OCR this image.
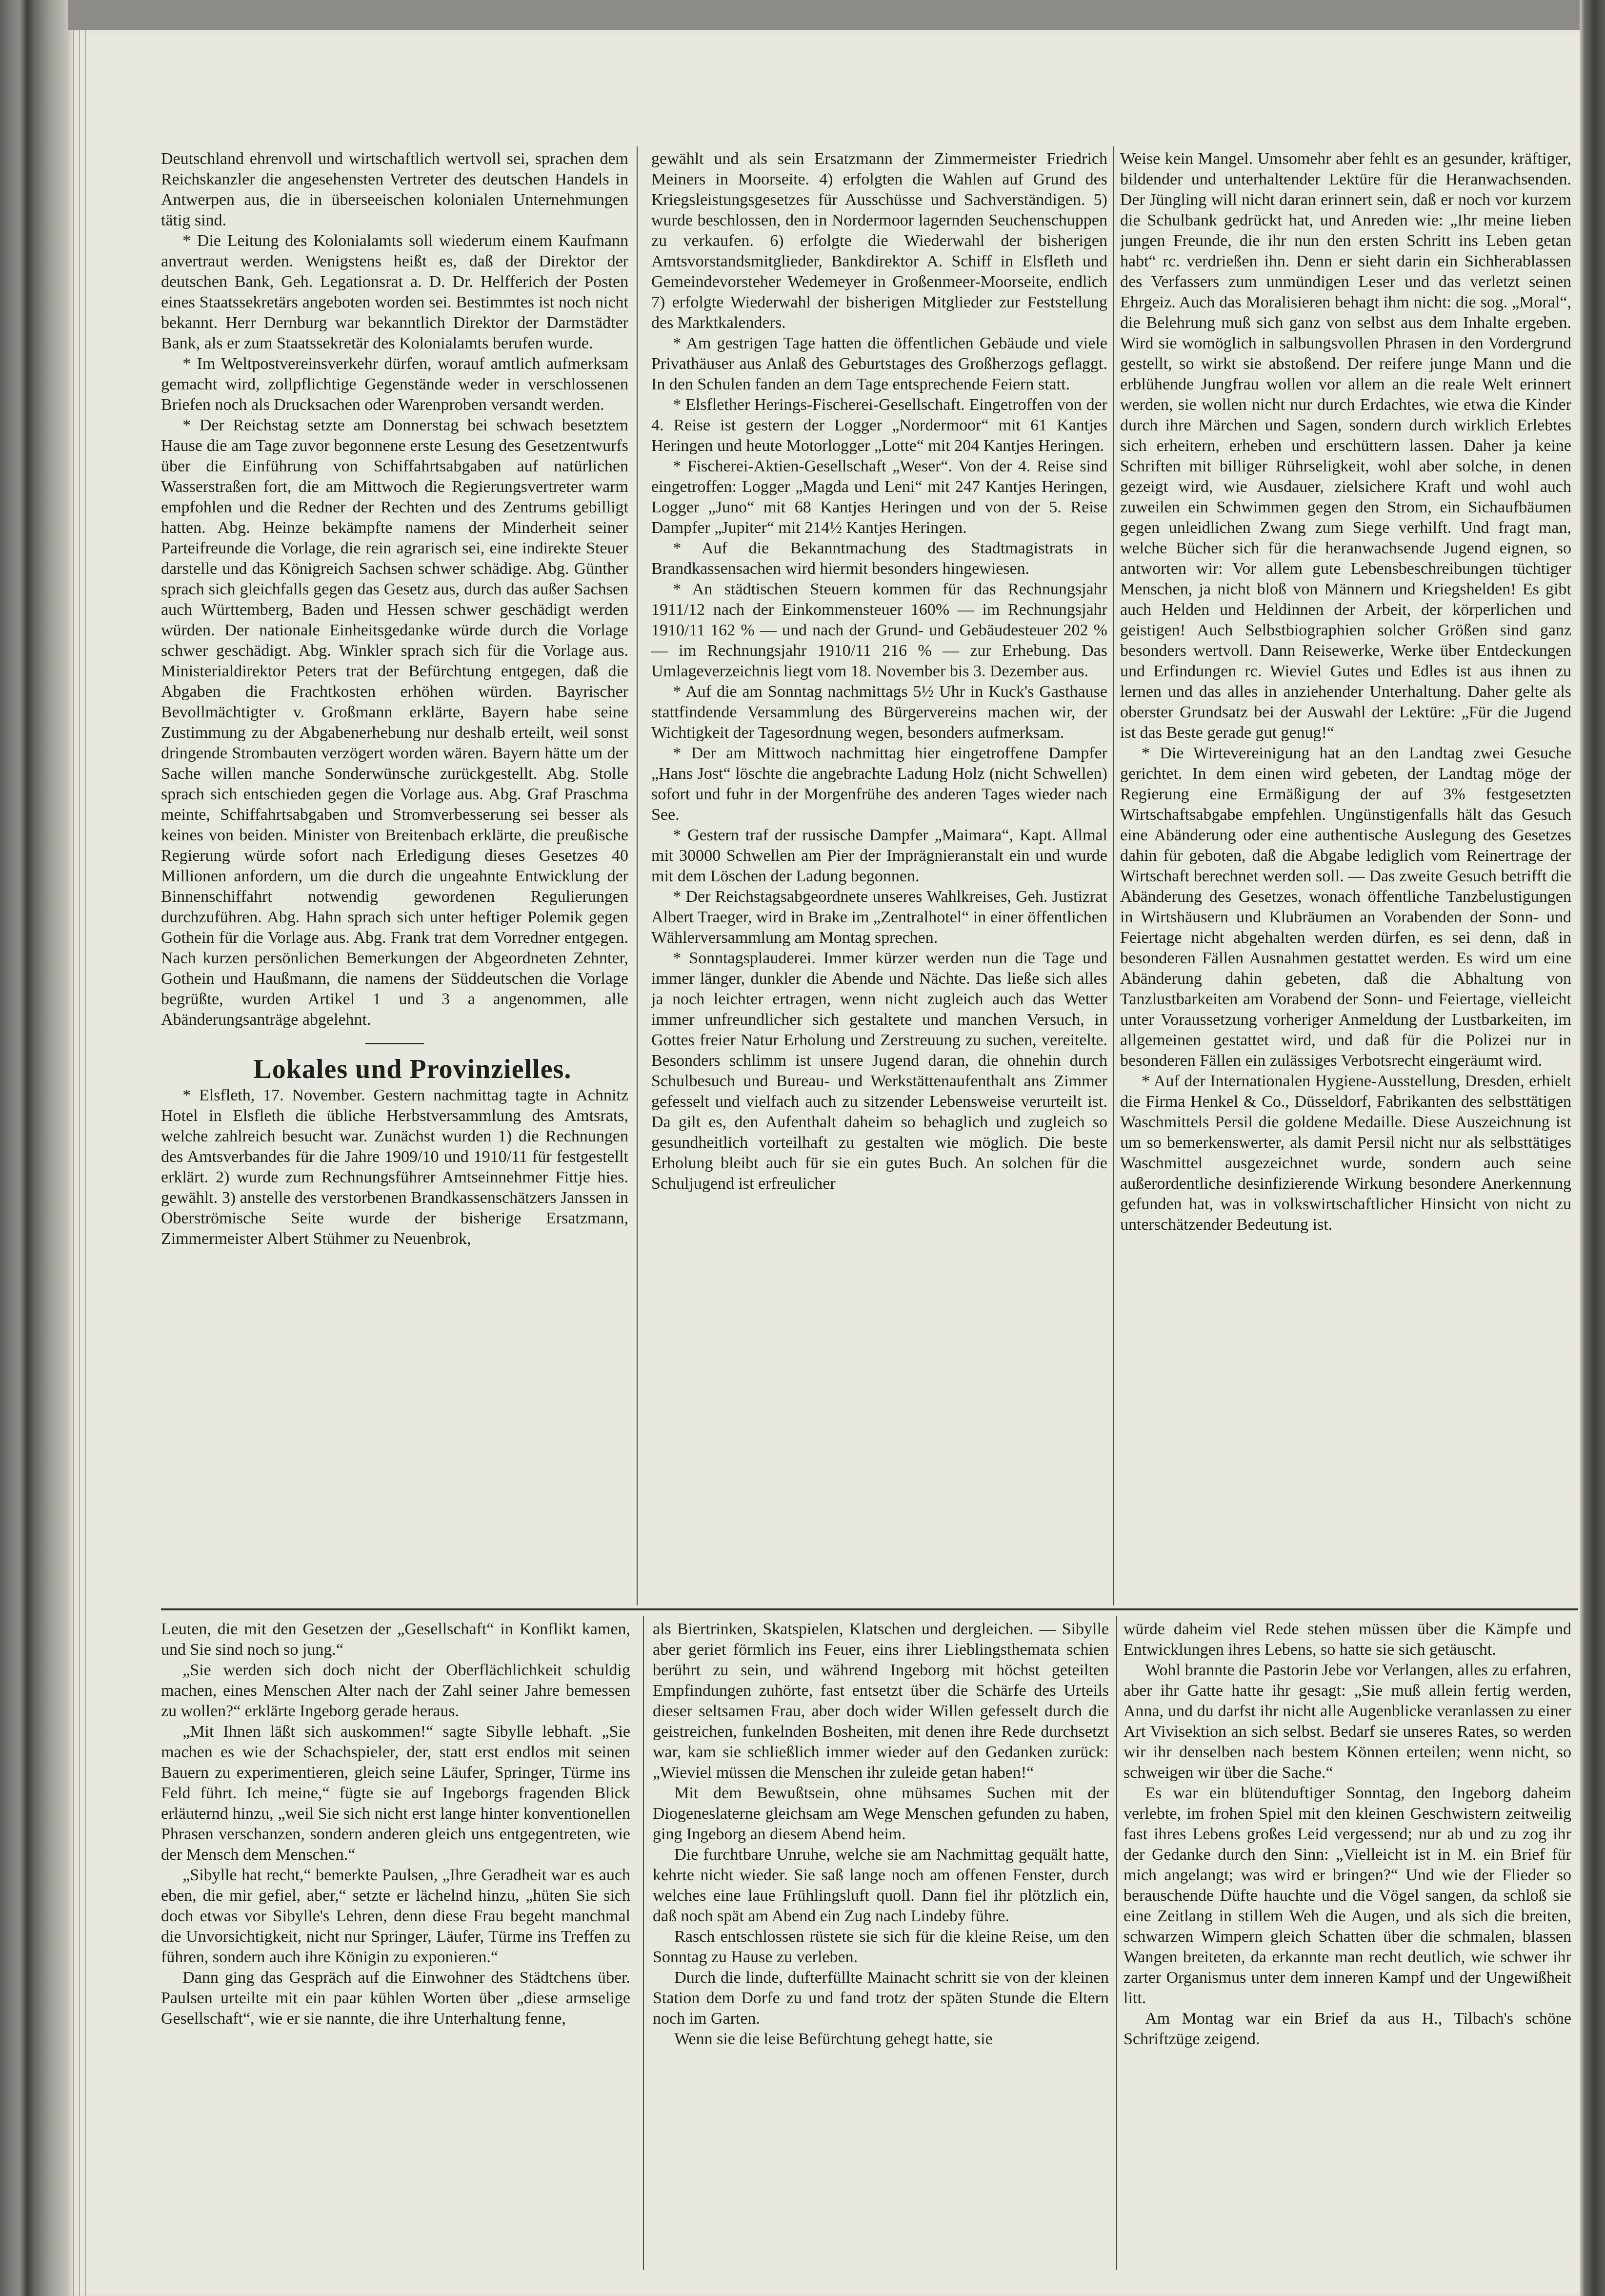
Deutschland ehrenvoll und wirtschaftlich wertvoll sei, sprachen dem Reichskanzler die angesehensten Vertreter des deutschen Handels in Antwerpen aus, die in überseeischen kolonialen Unternehmungen tätig sind.

* Die Leitung des Kolonialamts soll wiederum einem Kaufmann anvertraut werden. Wenigstens heißt es, daß der Direktor der deutschen Bank, Geh. Legationsrat a. D. Dr. Helfferich der Posten eines Staatssekretärs angeboten worden sei. Bestimmtes ist noch nicht bekannt. Herr Dernburg war bekanntlich Direktor der Darmstädter Bank, als er zum Staatssekretär des Kolonialamts berufen wurde.

* Im Weltpostvereinsverkehr dürfen, worauf amtlich aufmerksam gemacht wird, zollpflichtige Gegenstände weder in verschlossenen Briefen noch als Drucksachen oder Warenproben versandt werden.

* Der Reichstag setzte am Donnerstag bei schwach besetztem Hause die am Tage zuvor begonnene erste Lesung des Gesetzentwurfs über die Einführung von Schiffahrtsabgaben auf natürlichen Wasserstraßen fort, die am Mittwoch die Regierungsvertreter warm empfohlen und die Redner der Rechten und des Zentrums gebilligt hatten. Abg. Heinze bekämpfte namens der Minderheit seiner Parteifreunde die Vorlage, die rein agrarisch sei, eine indirekte Steuer darstelle und das Königreich Sachsen schwer schädige. Abg. Günther sprach sich gleichfalls gegen das Gesetz aus, durch das außer Sachsen auch Württemberg, Baden und Hessen schwer geschädigt werden würden. Der nationale Einheitsgedanke würde durch die Vorlage schwer geschädigt. Abg. Winkler sprach sich für die Vorlage aus. Ministerialdirektor Peters trat der Befürchtung entgegen, daß die Abgaben die Frachtkosten erhöhen würden. Bayrischer Bevollmächtigter v. Großmann erklärte, Bayern habe seine Zustimmung zu der Abgabenerhebung nur deshalb erteilt, weil sonst dringende Strombauten verzögert worden wären. Bayern hätte um der Sache willen manche Sonderwünsche zurückgestellt. Abg. Stolle sprach sich entschieden gegen die Vorlage aus. Abg. Graf Praschma meinte, Schiffahrtsabgaben und Stromverbesserung sei besser als keines von beiden. Minister von Breitenbach erklärte, die preußische Regierung würde sofort nach Erledigung dieses Gesetzes 40 Millionen anfordern, um die durch die ungeahnte Entwicklung der Binnenschiffahrt notwendig gewordenen Regulierungen durchzuführen. Abg. Hahn sprach sich unter heftiger Polemik gegen Gothein für die Vorlage aus. Abg. Frank trat dem Vorredner entgegen. Nach kurzen persönlichen Bemerkungen der Abgeordneten Zehnter, Gothein und Haußmann, die namens der Süddeutschen die Vorlage begrüßte, wurden Artikel 1 und 3 a angenommen, alle Abänderungsanträge abgelehnt.

Lokales und Provinzielles.

* Elsfleth, 17. November. Gestern nachmittag tagte in Achnitz Hotel in Elsfleth die übliche Herbstversammlung des Amtsrats, welche zahlreich besucht war. Zunächst wurden 1) die Rechnungen des Amtsverbandes für die Jahre 1909/10 und 1910/11 für festgestellt erklärt. 2) wurde zum Rechnungsführer Amtseinnehmer Fittje hies. gewählt. 3) anstelle des verstorbenen Brandkassenschätzers Janssen in Oberströmische Seite wurde der bisherige Ersatzmann, Zimmermeister Albert Stühmer zu Neuenbrok,

gewählt und als sein Ersatzmann der Zimmermeister Friedrich Meiners in Moorseite. 4) erfolgten die Wahlen auf Grund des Kriegsleistungsgesetzes für Ausschüsse und Sachverständigen. 5) wurde beschlossen, den in Nordermoor lagernden Seuchenschuppen zu verkaufen. 6) erfolgte die Wiederwahl der bisherigen Amtsvorstandsmitglieder, Bankdirektor A. Schiff in Elsfleth und Gemeindevorsteher Wedemeyer in Großenmeer-Moorseite, endlich 7) erfolgte Wiederwahl der bisherigen Mitglieder zur Feststellung des Marktkalenders.

* Am gestrigen Tage hatten die öffentlichen Gebäude und viele Privathäuser aus Anlaß des Geburtstages des Großherzogs geflaggt. In den Schulen fanden an dem Tage entsprechende Feiern statt.

* Elsflether Herings-Fischerei-Gesellschaft. Eingetroffen von der 4. Reise ist gestern der Logger „Nordermoor“ mit 61 Kantjes Heringen und heute Motorlogger „Lotte“ mit 204 Kantjes Heringen.

* Fischerei-Aktien-Gesellschaft „Weser“. Von der 4. Reise sind eingetroffen: Logger „Magda und Leni“ mit 247 Kantjes Heringen, Logger „Juno“ mit 68 Kantjes Heringen und von der 5. Reise Dampfer „Jupiter“ mit 214½ Kantjes Heringen.

* Auf die Bekanntmachung des Stadtmagistrats in Brandkassensachen wird hiermit besonders hingewiesen.

* An städtischen Steuern kommen für das Rechnungsjahr 1911/12 nach der Einkommensteuer 160% — im Rechnungsjahr 1910/11 162 % — und nach der Grund- und Gebäudesteuer 202 % — im Rechnungsjahr 1910/11 216 % — zur Erhebung. Das Umlageverzeichnis liegt vom 18. November bis 3. Dezember aus.

* Auf die am Sonntag nachmittags 5½ Uhr in Kuck's Gasthause stattfindende Versammlung des Bürgervereins machen wir, der Wichtigkeit der Tagesordnung wegen, besonders aufmerksam.

* Der am Mittwoch nachmittag hier eingetroffene Dampfer „Hans Jost“ löschte die angebrachte Ladung Holz (nicht Schwellen) sofort und fuhr in der Morgenfrühe des anderen Tages wieder nach See.

* Gestern traf der russische Dampfer „Maimara“, Kapt. Allmal mit 30000 Schwellen am Pier der Imprägnieranstalt ein und wurde mit dem Löschen der Ladung begonnen.

* Der Reichstagsabgeordnete unseres Wahlkreises, Geh. Justizrat Albert Traeger, wird in Brake im „Zentralhotel“ in einer öffentlichen Wählerversammlung am Montag sprechen.

* Sonntagsplauderei. Immer kürzer werden nun die Tage und immer länger, dunkler die Abende und Nächte. Das ließe sich alles ja noch leichter ertragen, wenn nicht zugleich auch das Wetter immer unfreundlicher sich gestaltete und manchen Versuch, in Gottes freier Natur Erholung und Zerstreuung zu suchen, vereitelte. Besonders schlimm ist unsere Jugend daran, die ohnehin durch Schulbesuch und Bureau- und Werkstättenaufenthalt ans Zimmer gefesselt und vielfach auch zu sitzender Lebensweise verurteilt ist. Da gilt es, den Aufenthalt daheim so behaglich und zugleich so gesundheitlich vorteilhaft zu gestalten wie möglich. Die beste Erholung bleibt auch für sie ein gutes Buch. An solchen für die Schuljugend ist erfreulicher

Weise kein Mangel. Umsomehr aber fehlt es an gesunder, kräftiger, bildender und unterhaltender Lektüre für die Heranwachsenden. Der Jüngling will nicht daran erinnert sein, daß er noch vor kurzem die Schulbank gedrückt hat, und Anreden wie: „Ihr meine lieben jungen Freunde, die ihr nun den ersten Schritt ins Leben getan habt“ rc. verdrießen ihn. Denn er sieht darin ein Sichherablassen des Verfassers zum unmündigen Leser und das verletzt seinen Ehrgeiz. Auch das Moralisieren behagt ihm nicht: die sog. „Moral“, die Belehrung muß sich ganz von selbst aus dem Inhalte ergeben. Wird sie womöglich in salbungsvollen Phrasen in den Vordergrund gestellt, so wirkt sie abstoßend. Der reifere junge Mann und die erblühende Jungfrau wollen vor allem an die reale Welt erinnert werden, sie wollen nicht nur durch Erdachtes, wie etwa die Kinder durch ihre Märchen und Sagen, sondern durch wirklich Erlebtes sich erheitern, erheben und erschüttern lassen. Daher ja keine Schriften mit billiger Rührseligkeit, wohl aber solche, in denen gezeigt wird, wie Ausdauer, zielsichere Kraft und wohl auch zuweilen ein Schwimmen gegen den Strom, ein Sichaufbäumen gegen unleidlichen Zwang zum Siege verhilft. Und fragt man, welche Bücher sich für die heranwachsende Jugend eignen, so antworten wir: Vor allem gute Lebensbeschreibungen tüchtiger Menschen, ja nicht bloß von Männern und Kriegshelden! Es gibt auch Helden und Heldinnen der Arbeit, der körperlichen und geistigen! Auch Selbstbiographien solcher Größen sind ganz besonders wertvoll. Dann Reisewerke, Werke über Entdeckungen und Erfindungen rc. Wieviel Gutes und Edles ist aus ihnen zu lernen und das alles in anziehender Unterhaltung. Daher gelte als oberster Grundsatz bei der Auswahl der Lektüre: „Für die Jugend ist das Beste gerade gut genug!“

* Die Wirtevereinigung hat an den Landtag zwei Gesuche gerichtet. In dem einen wird gebeten, der Landtag möge der Regierung eine Ermäßigung der auf 3% festgesetzten Wirtschaftsabgabe empfehlen. Ungünstigenfalls hält das Gesuch eine Abänderung oder eine authentische Auslegung des Gesetzes dahin für geboten, daß die Abgabe lediglich vom Reinertrage der Wirtschaft berechnet werden soll. — Das zweite Gesuch betrifft die Abänderung des Gesetzes, wonach öffentliche Tanzbelustigungen in Wirtshäusern und Klubräumen an Vorabenden der Sonn- und Feiertage nicht abgehalten werden dürfen, es sei denn, daß in besonderen Fällen Ausnahmen gestattet werden. Es wird um eine Abänderung dahin gebeten, daß die Abhaltung von Tanzlustbarkeiten am Vorabend der Sonn- und Feiertage, vielleicht unter Voraussetzung vorheriger Anmeldung der Lustbarkeiten, im allgemeinen gestattet wird, und daß für die Polizei nur in besonderen Fällen ein zulässiges Verbotsrecht eingeräumt wird.

* Auf der Internationalen Hygiene-Ausstellung, Dresden, erhielt die Firma Henkel & Co., Düsseldorf, Fabrikanten des selbsttätigen Waschmittels Persil die goldene Medaille. Diese Auszeichnung ist um so bemerkenswerter, als damit Persil nicht nur als selbsttätiges Waschmittel ausgezeichnet wurde, sondern auch seine außerordentliche desinfizierende Wirkung besondere Anerkennung gefunden hat, was in volkswirtschaftlicher Hinsicht von nicht zu unterschätzender Bedeutung ist.

Leuten, die mit den Gesetzen der „Gesellschaft“ in Konflikt kamen, und Sie sind noch so jung.“

„Sie werden sich doch nicht der Oberflächlichkeit schuldig machen, eines Menschen Alter nach der Zahl seiner Jahre bemessen zu wollen?“ erklärte Ingeborg gerade heraus.

„Mit Ihnen läßt sich auskommen!“ sagte Sibylle lebhaft. „Sie machen es wie der Schachspieler, der, statt erst endlos mit seinen Bauern zu experimentieren, gleich seine Läufer, Springer, Türme ins Feld führt. Ich meine,“ fügte sie auf Ingeborgs fragenden Blick erläuternd hinzu, „weil Sie sich nicht erst lange hinter konventionellen Phrasen verschanzen, sondern anderen gleich uns entgegentreten, wie der Mensch dem Menschen.“

„Sibylle hat recht,“ bemerkte Paulsen, „Ihre Geradheit war es auch eben, die mir gefiel, aber,“ setzte er lächelnd hinzu, „hüten Sie sich doch etwas vor Sibylle's Lehren, denn diese Frau begeht manchmal die Unvorsichtigkeit, nicht nur Springer, Läufer, Türme ins Treffen zu führen, sondern auch ihre Königin zu exponieren.“

Dann ging das Gespräch auf die Einwohner des Städtchens über. Paulsen urteilte mit ein paar kühlen Worten über „diese armselige Gesellschaft“, wie er sie nannte, die ihre Unterhaltung fenne,

als Biertrinken, Skatspielen, Klatschen und dergleichen. — Sibylle aber geriet förmlich ins Feuer, eins ihrer Lieblingsthemata schien berührt zu sein, und während Ingeborg mit höchst geteilten Empfindungen zuhörte, fast entsetzt über die Schärfe des Urteils dieser seltsamen Frau, aber doch wider Willen gefesselt durch die geistreichen, funkelnden Bosheiten, mit denen ihre Rede durchsetzt war, kam sie schließlich immer wieder auf den Gedanken zurück: „Wieviel müssen die Menschen ihr zuleide getan haben!“

Mit dem Bewußtsein, ohne mühsames Suchen mit der Diogeneslaterne gleichsam am Wege Menschen gefunden zu haben, ging Ingeborg an diesem Abend heim.

Die furchtbare Unruhe, welche sie am Nachmittag gequält hatte, kehrte nicht wieder. Sie saß lange noch am offenen Fenster, durch welches eine laue Frühlingsluft quoll. Dann fiel ihr plötzlich ein, daß noch spät am Abend ein Zug nach Lindeby führe.

Rasch entschlossen rüstete sie sich für die kleine Reise, um den Sonntag zu Hause zu verleben.

Durch die linde, dufterfüllte Mainacht schritt sie von der kleinen Station dem Dorfe zu und fand trotz der späten Stunde die Eltern noch im Garten.

Wenn sie die leise Befürchtung gehegt hatte, sie

würde daheim viel Rede stehen müssen über die Kämpfe und Entwicklungen ihres Lebens, so hatte sie sich getäuscht.

Wohl brannte die Pastorin Jebe vor Verlangen, alles zu erfahren, aber ihr Gatte hatte ihr gesagt: „Sie muß allein fertig werden, Anna, und du darfst ihr nicht alle Augenblicke veranlassen zu einer Art Vivisektion an sich selbst. Bedarf sie unseres Rates, so werden wir ihr denselben nach bestem Können erteilen; wenn nicht, so schweigen wir über die Sache.“

Es war ein blütenduftiger Sonntag, den Ingeborg daheim verlebte, im frohen Spiel mit den kleinen Geschwistern zeitweilig fast ihres Lebens großes Leid vergessend; nur ab und zu zog ihr der Gedanke durch den Sinn: „Vielleicht ist in M. ein Brief für mich angelangt; was wird er bringen?“ Und wie der Flieder so berauschende Düfte hauchte und die Vögel sangen, da schloß sie eine Zeitlang in stillem Weh die Augen, und als sich die breiten, schwarzen Wimpern gleich Schatten über die schmalen, blassen Wangen breiteten, da erkannte man recht deutlich, wie schwer ihr zarter Organismus unter dem inneren Kampf und der Ungewißheit litt.

Am Montag war ein Brief da aus H., Tilbach's schöne Schriftzüge zeigend.
